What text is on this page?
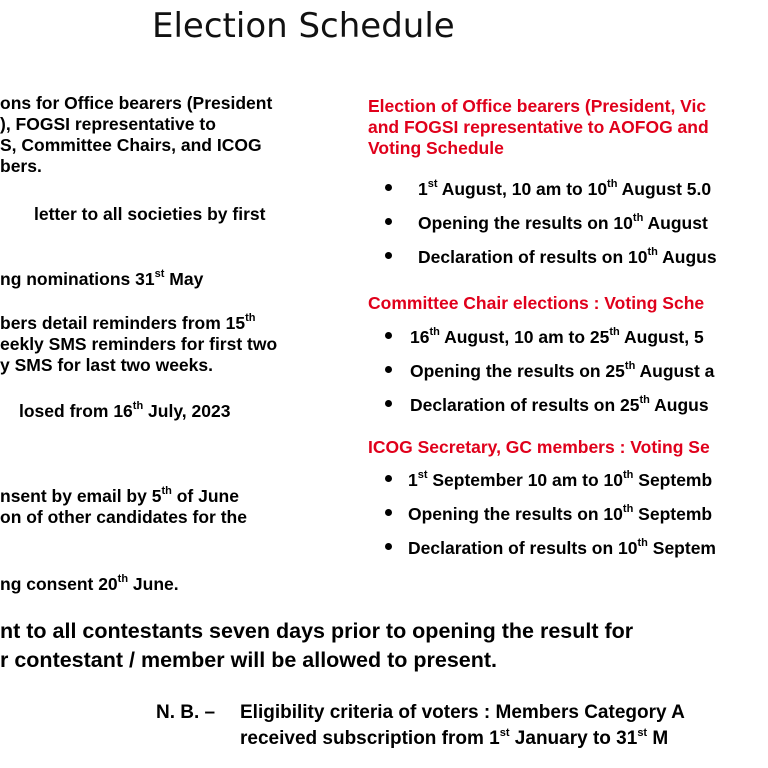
Election Schedule
ons for Office bearers (President
), FOGSI representative to
S, Committee Chairs, and ICOG
bers.
letter to all societies by first
ng nominations 31st May
bers detail reminders from 15th
eekly SMS reminders for first two
y SMS for last two weeks.
losed from 16th July, 2023
nsent by email by 5th of June
on of other candidates for the
ng consent 20th June.
Election of Office bearers (President, Vic
and FOGSI representative to AOFOG and
Voting Schedule
1st August, 10 am to 10th August 5.0
Opening the results on 10th August
Declaration of results on 10th Augus
Committee Chair elections : Voting Sche
16th August, 10 am to 25th August, 5
Opening the results on 25th August a
Declaration of results on 25th Augus
ICOG Secretary, GC members : Voting Se
1st September 10 am to 10th Septemb
Opening the results on 10th Septemb
Declaration of results on 10th Septem
nt to all contestants seven days prior to opening the result for
r contestant / member will be allowed to present.
N. B. – Eligibility criteria of voters : Members Category A
received subscription from 1st January to 31st M
